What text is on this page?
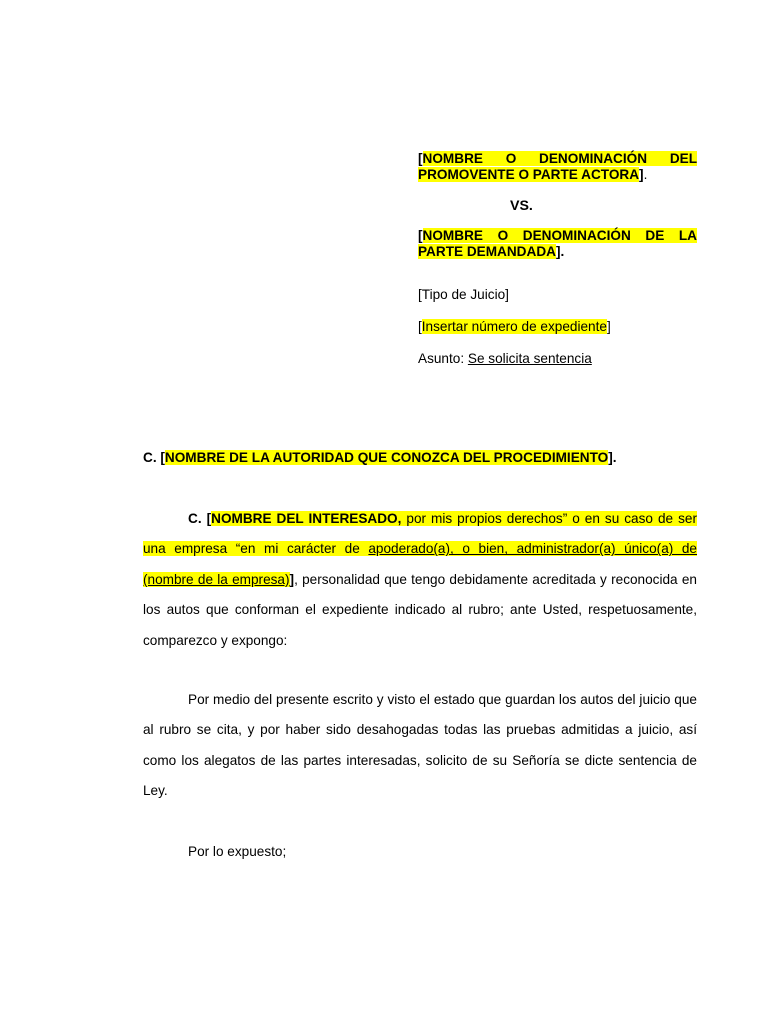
[NOMBRE O DENOMINACIÓN DEL PROMOVENTE O PARTE ACTORA].

VS.

[NOMBRE O DENOMINACIÓN DE LA PARTE DEMANDADA].

[Tipo de Juicio]

[Insertar número de expediente]

Asunto: Se solicita sentencia

C. [NOMBRE DE LA AUTORIDAD QUE CONOZCA DEL PROCEDIMIENTO].

C. [NOMBRE DEL INTERESADO, por mis propios derechos” o en su caso de ser una empresa “en mi carácter de apoderado(a), o bien, administrador(a) único(a) de (nombre de la empresa)], personalidad que tengo debidamente acreditada y reconocida en los autos que conforman el expediente indicado al rubro; ante Usted, respetuosamente, comparezco y expongo:

Por medio del presente escrito y visto el estado que guardan los autos del juicio que al rubro se cita, y por haber sido desahogadas todas las pruebas admitidas a juicio, así como los alegatos de las partes interesadas, solicito de su Señoría se dicte sentencia de Ley.

Por lo expuesto;
